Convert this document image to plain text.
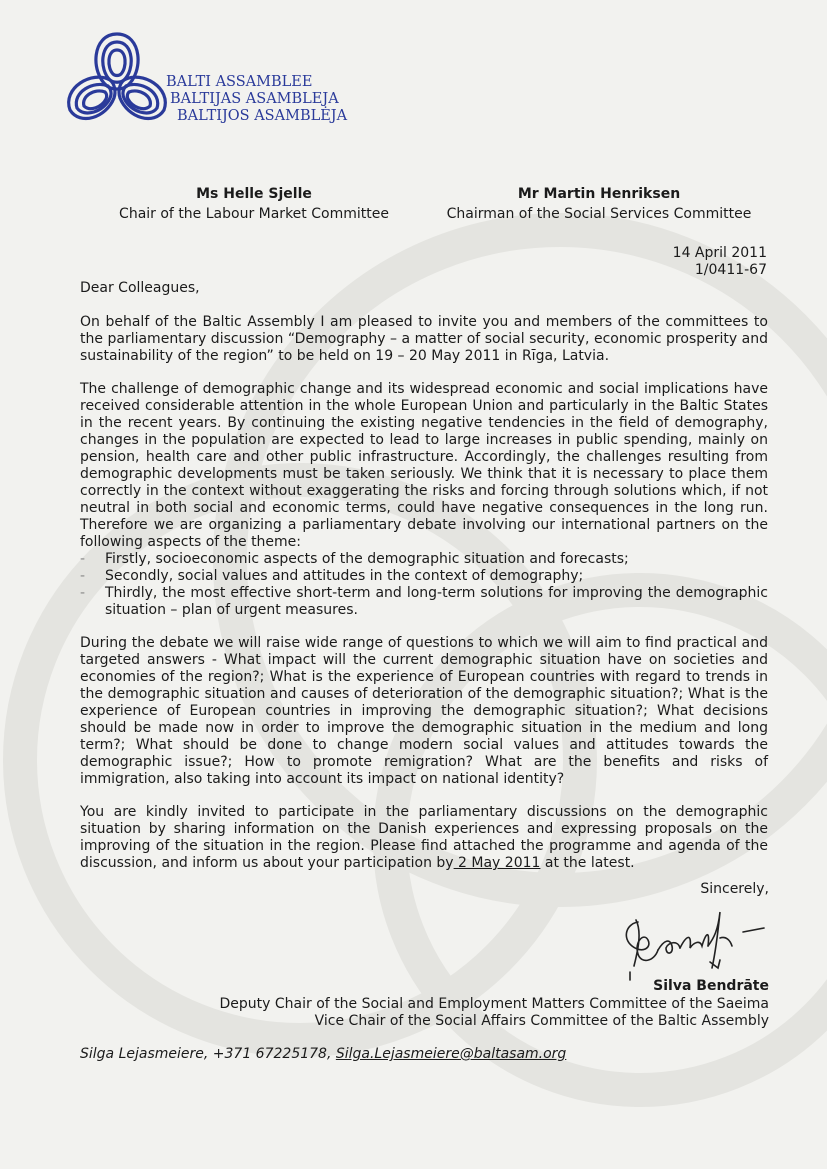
BALTI ASSAMBLEE
BALTIJAS ASAMBLEJA
BALTIJOS ASAMBLĖJA
Ms Helle Sjelle
Chair of the Labour Market Committee
Mr Martin Henriksen
Chairman of the Social Services Committee
14 April 2011
1/0411-67

Dear Colleagues,

On behalf of the Baltic Assembly I am pleased to invite you and members of the committees to the parliamentary discussion “Demography – a matter of social security, economic prosperity and sustainability of the region” to be held on 19 – 20 May 2011 in Rīga, Latvia.

The challenge of demographic change and its widespread economic and social implications have received considerable attention in the whole European Union and particularly in the Baltic States in the recent years. By continuing the existing negative tendencies in the field of demography, changes in the population are expected to lead to large increases in public spending, mainly on pension, health care and other public infrastructure. Accordingly, the challenges resulting from demographic developments must be taken seriously. We think that it is necessary to place them correctly in the context without exaggerating the risks and forcing through solutions which, if not neutral in both social and economic terms, could have negative consequences in the long run. Therefore we are organizing a parliamentary debate involving our international partners on the following aspects of the theme:

- Firstly, socioeconomic aspects of the demographic situation and forecasts;
- Secondly, social values and attitudes in the context of demography;
- Thirdly, the most effective short-term and long-term solutions for improving the demographic situation – plan of urgent measures.

During the debate we will raise wide range of questions to which we will aim to find practical and targeted answers - What impact will the current demographic situation have on societies and economies of the region?; What is the experience of European countries with regard to trends in the demographic situation and causes of deterioration of the demographic situation?; What is the experience of European countries in improving the demographic situation?; What decisions should be made now in order to improve the demographic situation in the medium and long term?; What should be done to change modern social values and attitudes towards the demographic issue?; How to promote remigration? What are the benefits and risks of immigration, also taking into account its impact on national identity?

You are kindly invited to participate in the parliamentary discussions on the demographic situation by sharing information on the Danish experiences and expressing proposals on the improving of the situation in the region. Please find attached the programme and agenda of the discussion, and inform us about your participation by 2 May 2011 at the latest.

Sincerely,
Silva Bendrāte
Deputy Chair of the Social and Employment Matters Committee of the Saeima
Vice Chair of the Social Affairs Committee of the Baltic Assembly
Silga Lejasmeiere, +371 67225178, Silga.Lejasmeiere@baltasam.org
